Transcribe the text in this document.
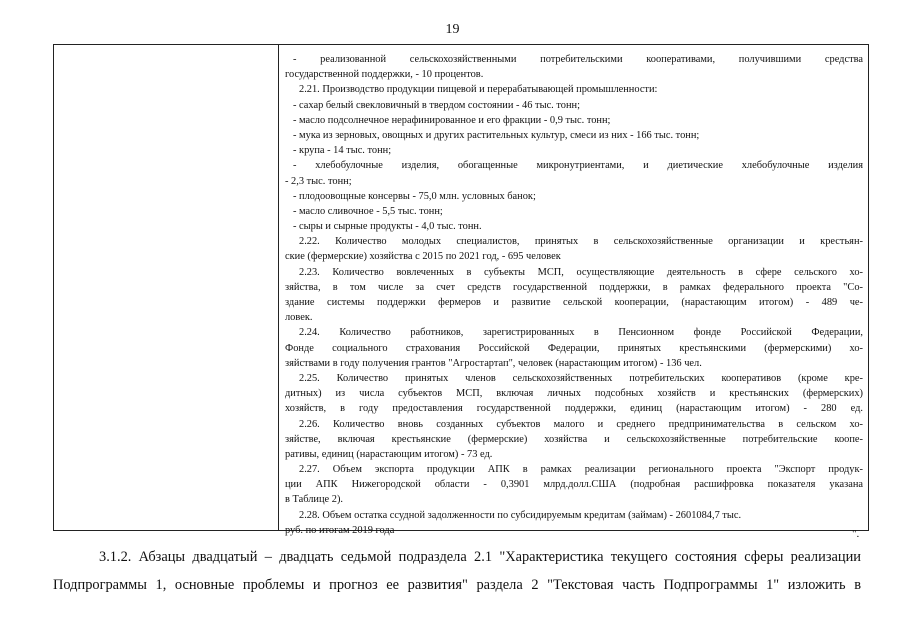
19
- реализованной сельскохозяйственными потребительскими кооперативами, получившими средства
государственной поддержки, - 10 процентов.
2.21. Производство продукции пищевой и перерабатывающей промышленности:
- сахар белый свекловичный в твердом состоянии - 46 тыс. тонн;
- масло подсолнечное нерафинированное и его фракции - 0,9 тыс. тонн;
- мука из зерновых, овощных и других растительных культур, смеси из них - 166 тыс. тонн;
- крупа - 14 тыс. тонн;
- хлебобулочные изделия, обогащенные микронутриентами, и диетические хлебобулочные изделия
- 2,3 тыс. тонн;
- плодоовощные консервы - 75,0 млн. условных банок;
- масло сливочное - 5,5 тыс. тонн;
- сыры и сырные продукты - 4,0 тыс. тонн.
2.22. Количество молодых специалистов, принятых в сельскохозяйственные организации и крестьян-
ские (фермерские) хозяйства с 2015 по 2021 год, - 695 человек
2.23. Количество вовлеченных в субъекты МСП, осуществляющие деятельность в сфере сельского хо-
зяйства, в том числе за счет средств государственной поддержки, в рамках федерального проекта "Со-
здание системы поддержки фермеров и развитие сельской кооперации, (нарастающим итогом) - 489 че-
ловек.
2.24. Количество работников, зарегистрированных в Пенсионном фонде Российской Федерации,
Фонде социального страхования Российской Федерации, принятых крестьянскими (фермерскими) хо-
зяйствами в году получения грантов "Агростартап", человек (нарастающим итогом) - 136 чел.
2.25. Количество принятых членов сельскохозяйственных потребительских кооперативов (кроме кре-
дитных) из числа субъектов МСП, включая личных подсобных хозяйств и крестьянских (фермерских)
хозяйств, в году предоставления государственной поддержки, единиц (нарастающим итогом) - 280 ед.
2.26. Количество вновь созданных субъектов малого и среднего предпринимательства в сельском хо-
зяйстве, включая крестьянские (фермерские) хозяйства и сельскохозяйственные потребительские коопе-
ративы, единиц (нарастающим итогом) - 73 ед.
2.27. Объем экспорта продукции АПК в рамках реализации регионального проекта "Экспорт продук-
ции АПК Нижегородской области - 0,3901 млрд.долл.США (подробная расшифровка показателя указана
в Таблице 2).
2.28. Объем остатка ссудной задолженности по субсидируемым кредитам (займам) - 2601084,7 тыс.
руб. по итогам 2019 года	".
3.1.2. Абзацы двадцатый – двадцать седьмой подраздела 2.1 "Характеристика текущего состояния сферы реализации
Подпрограммы 1, основные проблемы и прогноз ее развития" раздела 2 "Текстовая часть Подпрограммы 1" изложить в
